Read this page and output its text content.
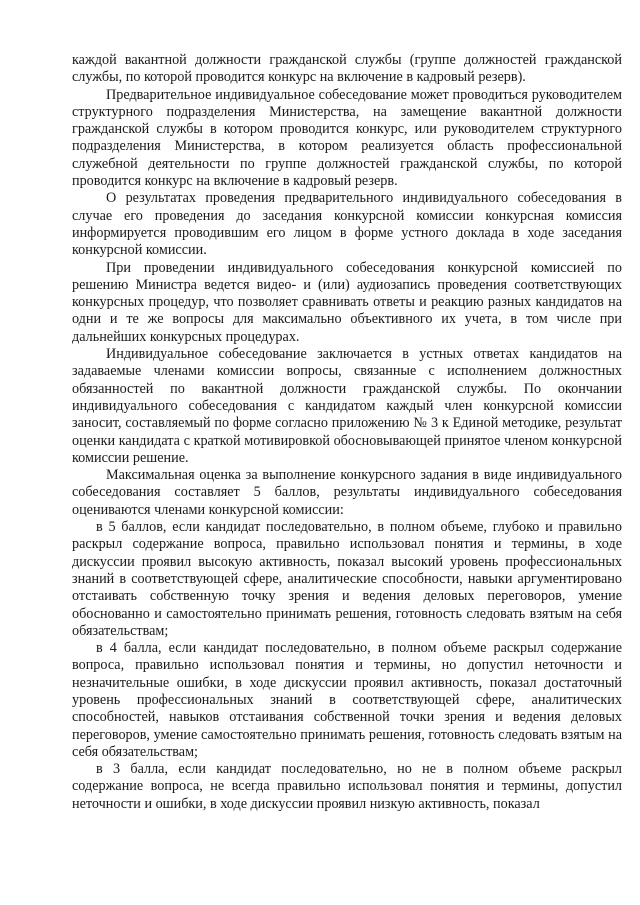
каждой вакантной должности гражданской службы (группе должностей гражданской службы, по которой проводится конкурс на включение в кадровый резерв).

Предварительное индивидуальное собеседование может проводиться руководителем структурного подразделения Министерства, на замещение вакантной должности гражданской службы в котором проводится конкурс, или руководителем структурного подразделения Министерства, в котором реализуется область профессиональной служебной деятельности по группе должностей гражданской службы, по которой проводится конкурс на включение в кадровый резерв.

О результатах проведения предварительного индивидуального собеседования в случае его проведения до заседания конкурсной комиссии конкурсная комиссия информируется проводившим его лицом в форме устного доклада в ходе заседания конкурсной комиссии.

При проведении индивидуального собеседования конкурсной комиссией по решению Министра ведется видео- и (или) аудиозапись проведения соответствующих конкурсных процедур, что позволяет сравнивать ответы и реакцию разных кандидатов на одни и те же вопросы для максимально объективного их учета, в том числе при дальнейших конкурсных процедурах.

Индивидуальное собеседование заключается в устных ответах кандидатов на задаваемые членами комиссии вопросы, связанные с исполнением должностных обязанностей по вакантной должности гражданской службы. По окончании индивидуального собеседования с кандидатом каждый член конкурсной комиссии заносит, составляемый по форме согласно приложению № 3 к Единой методике, результат оценки кандидата с краткой мотивировкой обосновывающей принятое членом конкурсной комиссии решение.

Максимальная оценка за выполнение конкурсного задания в виде индивидуального собеседования составляет 5 баллов, результаты индивидуального собеседования оцениваются членами конкурсной комиссии:

в 5 баллов, если кандидат последовательно, в полном объеме, глубоко и правильно раскрыл содержание вопроса, правильно использовал понятия и термины, в ходе дискуссии проявил высокую активность, показал высокий уровень профессиональных знаний в соответствующей сфере, аналитические способности, навыки аргументировано отстаивать собственную точку зрения и ведения деловых переговоров, умение обоснованно и самостоятельно принимать решения, готовность следовать взятым на себя обязательствам;

в 4 балла, если кандидат последовательно, в полном объеме раскрыл содержание вопроса, правильно использовал понятия и термины, но допустил неточности и незначительные ошибки, в ходе дискуссии проявил активность, показал достаточный уровень профессиональных знаний в соответствующей сфере, аналитических способностей, навыков отстаивания собственной точки зрения и ведения деловых переговоров, умение самостоятельно принимать решения, готовность следовать взятым на себя обязательствам;

в 3 балла, если кандидат последовательно, но не в полном объеме раскрыл содержание вопроса, не всегда правильно использовал понятия и термины, допустил неточности и ошибки, в ходе дискуссии проявил низкую активность, показал
